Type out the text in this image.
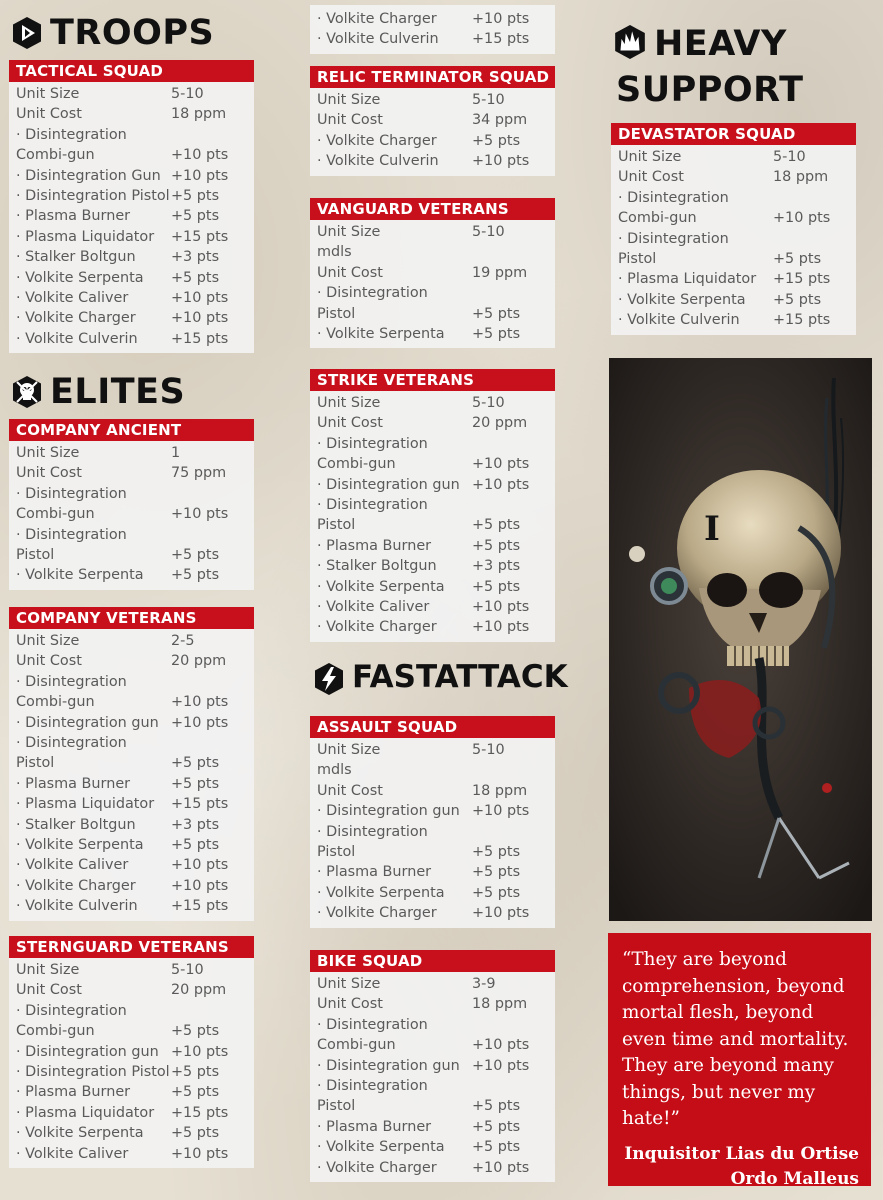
TROOPS
ELITES
FASTATTACK
HEAVY
SUPPORT
TACTICAL SQUAD
Unit Size	5-10
Unit Cost	18 ppm
· Disintegration
Combi-gun	+10 pts
· Disintegration Gun +10 pts
· Disintegration Pistol +5 pts
· Plasma Burner	+5 pts
· Plasma Liquidator	+15 pts
· Stalker Boltgun	+3 pts
· Volkite Serpenta	+5 pts
· Volkite Caliver	+10 pts
· Volkite Charger	+10 pts
· Volkite Culverin	+15 pts
COMPANY ANCIENT
Unit Size	1
Unit Cost	75 ppm
· Disintegration
Combi-gun	+10 pts
· Disintegration
Pistol	+5 pts
· Volkite Serpenta	+5 pts
COMPANY VETERANS
Unit Size	2-5
Unit Cost	20 ppm
· Disintegration
Combi-gun	+10 pts
· Disintegration gun +10 pts
· Disintegration
Pistol	+5 pts
· Plasma Burner	+5 pts
· Plasma Liquidator	+15 pts
· Stalker Boltgun	+3 pts
· Volkite Serpenta	+5 pts
· Volkite Caliver	+10 pts
· Volkite Charger	+10 pts
· Volkite Culverin	+15 pts
STERNGUARD VETERANS
Unit Size	5-10
Unit Cost	20 ppm
· Disintegration
Combi-gun	+5 pts
· Disintegration gun +10 pts
· Disintegration Pistol +5 pts
· Plasma Burner	+5 pts
· Plasma Liquidator	+15 pts
· Volkite Serpenta	+5 pts
· Volkite Caliver	+10 pts
· Volkite Charger	+10 pts
· Volkite Culverin	+15 pts
RELIC TERMINATOR SQUAD
Unit Size	5-10
Unit Cost	34 ppm
· Volkite Charger	+5 pts
· Volkite Culverin	+10 pts
VANGUARD VETERANS
Unit Size	5-10
mdls
Unit Cost	19 ppm
· Disintegration
Pistol	+5 pts
· Volkite Serpenta	+5 pts
STRIKE VETERANS
Unit Size	5-10
Unit Cost	20 ppm
· Disintegration
Combi-gun	+10 pts
· Disintegration gun +10 pts
· Disintegration
Pistol	+5 pts
· Plasma Burner	+5 pts
· Stalker Boltgun	+3 pts
· Volkite Serpenta	+5 pts
· Volkite Caliver	+10 pts
· Volkite Charger	+10 pts
ASSAULT SQUAD
Unit Size	5-10
mdls
Unit Cost	18 ppm
· Disintegration gun +10 pts
· Disintegration
Pistol	+5 pts
· Plasma Burner	+5 pts
· Volkite Serpenta	+5 pts
· Volkite Charger	+10 pts
BIKE SQUAD
Unit Size	3-9
Unit Cost	18 ppm
· Disintegration
Combi-gun	+10 pts
· Disintegration gun +10 pts
· Disintegration
Pistol	+5 pts
· Plasma Burner	+5 pts
· Volkite Serpenta	+5 pts
· Volkite Charger	+10 pts
DEVASTATOR SQUAD
Unit Size	5-10
Unit Cost	18 ppm
· Disintegration
Combi-gun	+10 pts
· Disintegration
Pistol	+5 pts
· Plasma Liquidator	+15 pts
· Volkite Serpenta	+5 pts
· Volkite Culverin	+15 pts
I
“They are beyond comprehension, beyond mortal flesh, beyond even time and mortality. They are beyond many things, but never my hate!”
Inquisitor Lias du Ortise
Ordo Malleus
